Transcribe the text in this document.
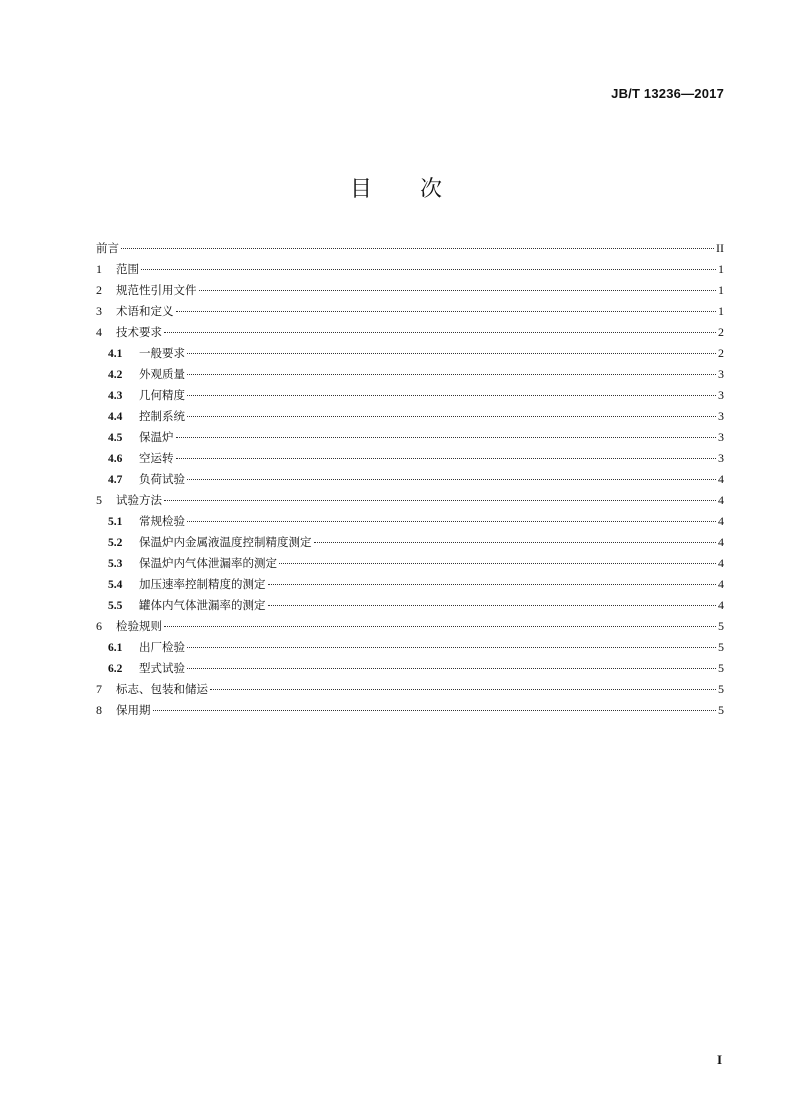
JB/T 13236—2017
目 次
前言	II
1	范围	1
2	规范性引用文件	1
3	术语和定义	1
4	技术要求	2
4.1	一般要求	2
4.2	外观质量	3
4.3	几何精度	3
4.4	控制系统	3
4.5	保温炉	3
4.6	空运转	3
4.7	负荷试验	4
5	试验方法	4
5.1	常规检验	4
5.2	保温炉内金属液温度控制精度测定	4
5.3	保温炉内气体泄漏率的测定	4
5.4	加压速率控制精度的测定	4
5.5	罐体内气体泄漏率的测定	4
6	检验规则	5
6.1	出厂检验	5
6.2	型式试验	5
7	标志、包装和储运	5
8	保用期	5
I
